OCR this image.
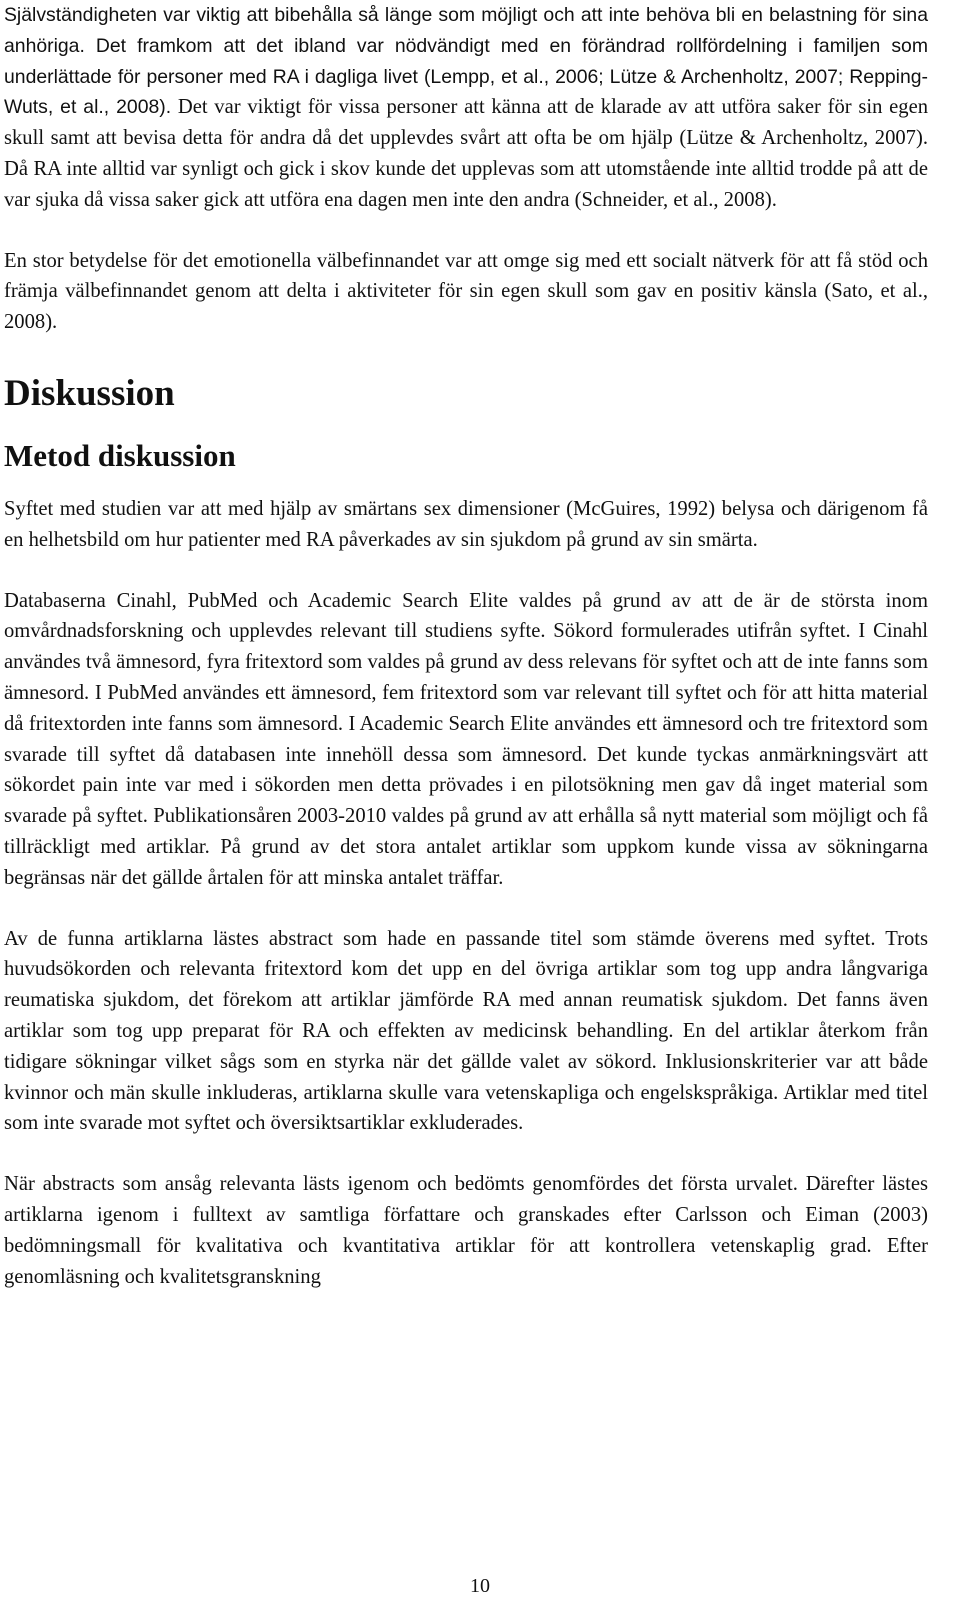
Självständigheten var viktig att bibehålla så länge som möjligt och att inte behöva bli en belastning för sina anhöriga. Det framkom att det ibland var nödvändigt med en förändrad rollfördelning i familjen som underlättade för personer med RA i dagliga livet (Lempp, et al., 2006; Lütze & Archenholtz, 2007; Repping-Wuts, et al., 2008). Det var viktigt för vissa personer att känna att de klarade av att utföra saker för sin egen skull samt att bevisa detta för andra då det upplevdes svårt att ofta be om hjälp (Lütze & Archenholtz, 2007). Då RA inte alltid var synligt och gick i skov kunde det upplevas som att utomstående inte alltid trodde på att de var sjuka då vissa saker gick att utföra ena dagen men inte den andra (Schneider, et al., 2008).

En stor betydelse för det emotionella välbefinnandet var att omge sig med ett socialt nätverk för att få stöd och främja välbefinnandet genom att delta i aktiviteter för sin egen skull som gav en positiv känsla (Sato, et al., 2008).

Diskussion
Metod diskussion

Syftet med studien var att med hjälp av smärtans sex dimensioner (McGuires, 1992) belysa och därigenom få en helhetsbild om hur patienter med RA påverkades av sin sjukdom på grund av sin smärta.

Databaserna Cinahl, PubMed och Academic Search Elite valdes på grund av att de är de största inom omvårdnadsforskning och upplevdes relevant till studiens syfte. Sökord formulerades utifrån syftet. I Cinahl användes två ämnesord, fyra fritextord som valdes på grund av dess relevans för syftet och att de inte fanns som ämnesord. I PubMed användes ett ämnesord, fem fritextord som var relevant till syftet och för att hitta material då fritextorden inte fanns som ämnesord. I Academic Search Elite användes ett ämnesord och tre fritextord som svarade till syftet då databasen inte innehöll dessa som ämnesord. Det kunde tyckas anmärkningsvärt att sökordet pain inte var med i sökorden men detta prövades i en pilotsökning men gav då inget material som svarade på syftet. Publikationsåren 2003-2010 valdes på grund av att erhålla så nytt material som möjligt och få tillräckligt med artiklar. På grund av det stora antalet artiklar som uppkom kunde vissa av sökningarna begränsas när det gällde årtalen för att minska antalet träffar.

Av de funna artiklarna lästes abstract som hade en passande titel som stämde överens med syftet. Trots huvudsökorden och relevanta fritextord kom det upp en del övriga artiklar som tog upp andra långvariga reumatiska sjukdom, det förekom att artiklar jämförde RA med annan reumatisk sjukdom. Det fanns även artiklar som tog upp preparat för RA och effekten av medicinsk behandling. En del artiklar återkom från tidigare sökningar vilket sågs som en styrka när det gällde valet av sökord. Inklusionskriterier var att både kvinnor och män skulle inkluderas, artiklarna skulle vara vetenskapliga och engelskspråkiga. Artiklar med titel som inte svarade mot syftet och översiktsartiklar exkluderades.

När abstracts som ansåg relevanta lästs igenom och bedömts genomfördes det första urvalet. Därefter lästes artiklarna igenom i fulltext av samtliga författare och granskades efter Carlsson och Eiman (2003) bedömningsmall för kvalitativa och kvantitativa artiklar för att kontrollera vetenskaplig grad. Efter genomläsning och kvalitetsgranskning

10
